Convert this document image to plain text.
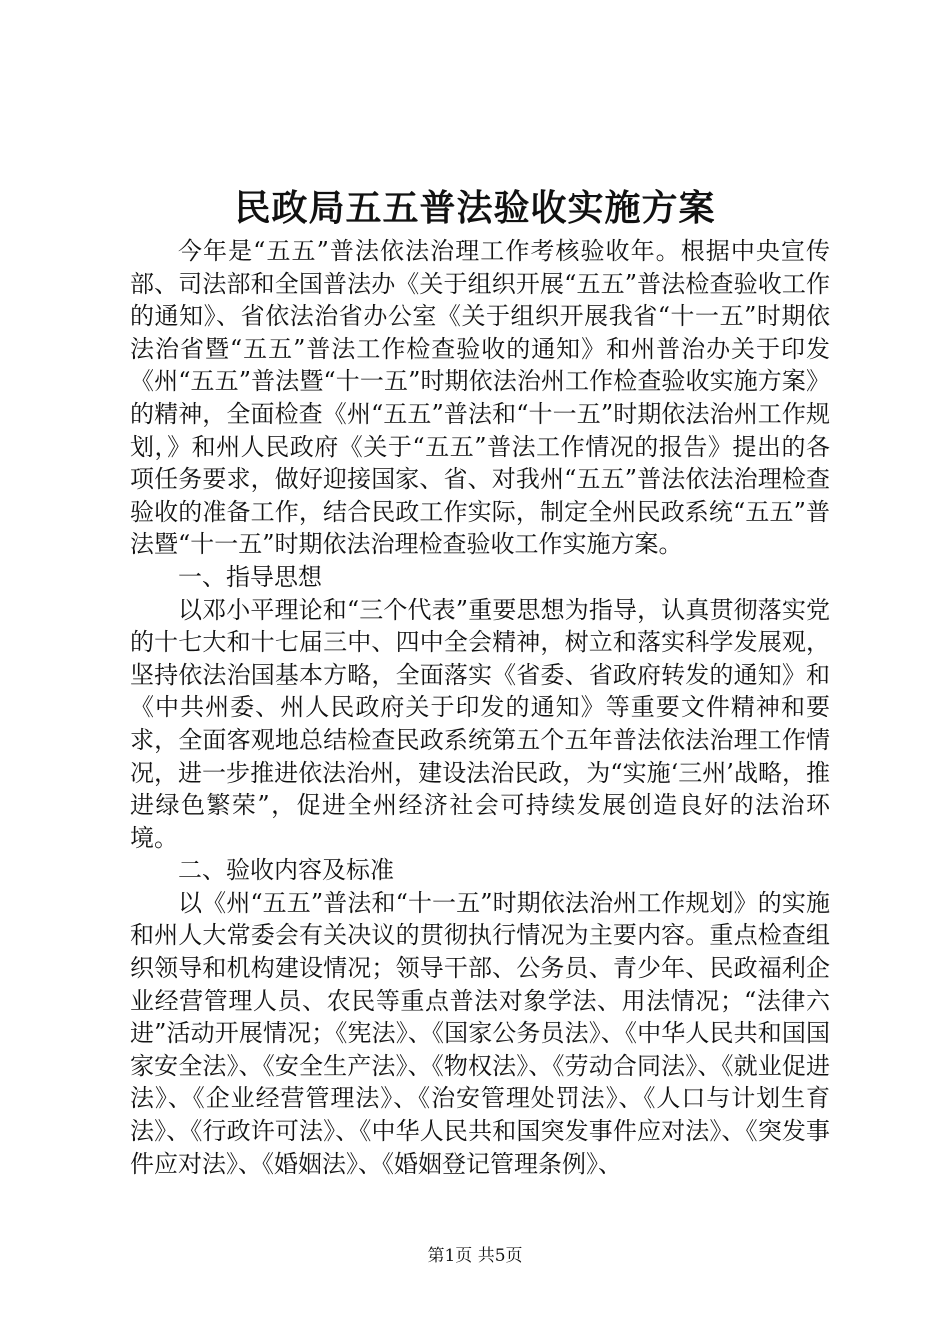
民政局五五普法验收实施方案

今年是“五五”普法依法治理工作考核验收年。根据中央宣传部、司法部和全国普法办《关于组织开展“五五”普法检查验收工作的通知》、省依法治省办公室《关于组织开展我省“十一五”时期依法治省暨“五五”普法工作检查验收的通知》和州普治办关于印发《州“五五”普法暨“十一五”时期依法治州工作检查验收实施方案》的精神，全面检查《州“五五”普法和“十一五”时期依法治州工作规划，》和州人民政府《关于“五五”普法工作情况的报告》提出的各项任务要求，做好迎接国家、省、对我州“五五”普法依法治理检查验收的准备工作，结合民政工作实际，制定全州民政系统“五五”普法暨“十一五”时期依法治理检查验收工作实施方案。

一、指导思想

以邓小平理论和“三个代表”重要思想为指导，认真贯彻落实党的十七大和十七届三中、四中全会精神，树立和落实科学发展观，坚持依法治国基本方略，全面落实《省委、省政府转发的通知》和《中共州委、州人民政府关于印发的通知》等重要文件精神和要求，全面客观地总结检查民政系统第五个五年普法依法治理工作情况，进一步推进依法治州，建设法治民政，为“实施‘三州’战略，推进绿色繁荣”，促进全州经济社会可持续发展创造良好的法治环境。

二、验收内容及标准

以《州“五五”普法和“十一五”时期依法治州工作规划》的实施和州人大常委会有关决议的贯彻执行情况为主要内容。重点检查组织领导和机构建设情况；领导干部、公务员、青少年、民政福利企业经营管理人员、农民等重点普法对象学法、用法情况；“法律六进”活动开展情况；《宪法》、《国家公务员法》、《中华人民共和国国家安全法》、《安全生产法》、《物权法》、《劳动合同法》、《就业促进法》、《企业经营管理法》、《治安管理处罚法》、《人口与计划生育法》、《行政许可法》、《中华人民共和国突发事件应对法》、《突发事件应对法》、《婚姻法》、《婚姻登记管理条例》、

第1页 共5页
